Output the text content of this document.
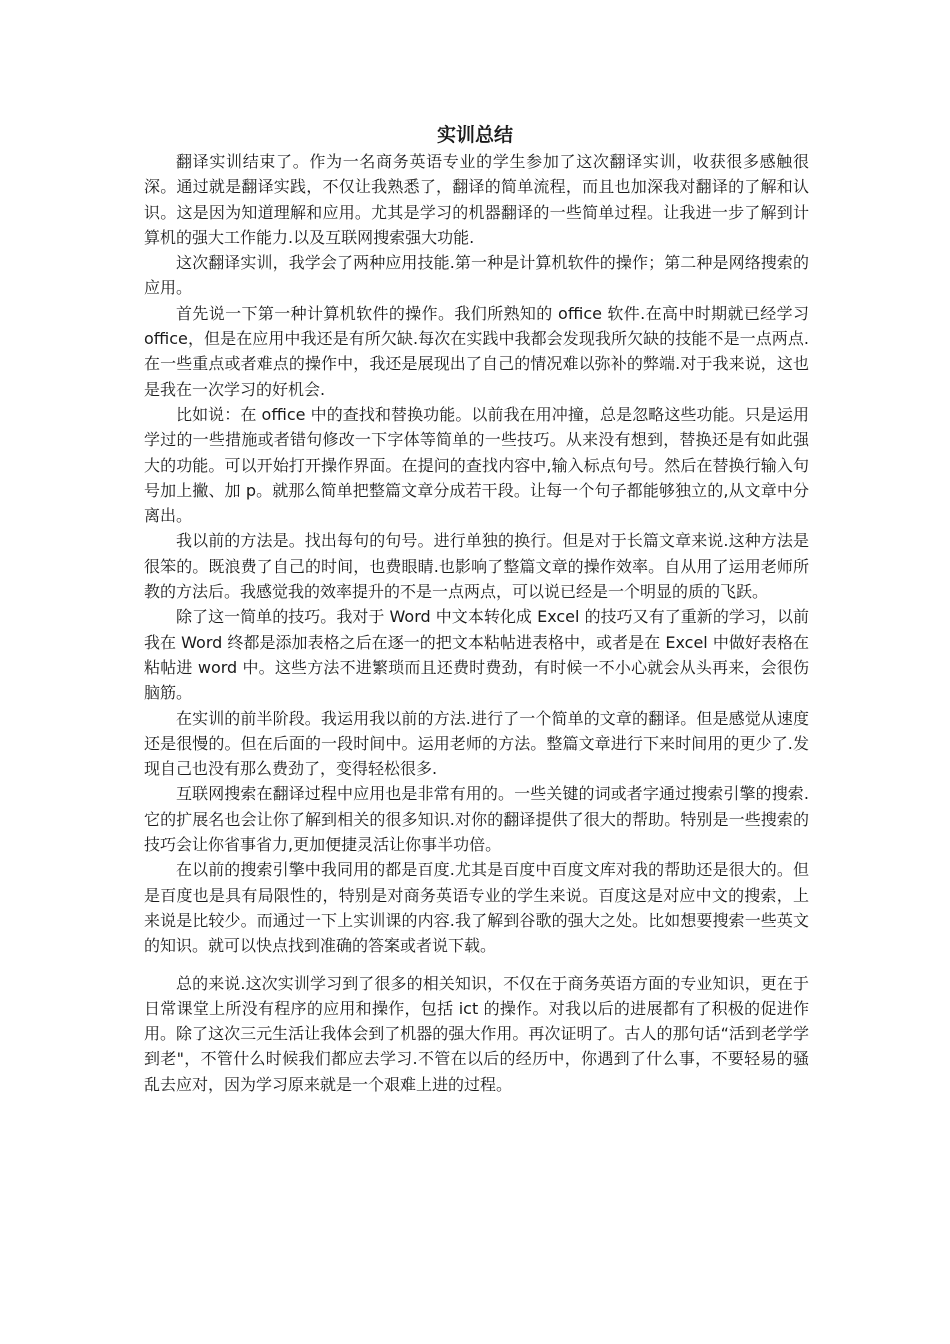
实训总结

翻译实训结束了。作为一名商务英语专业的学生参加了这次翻译实训，收获很多感触很深。通过就是翻译实践，不仅让我熟悉了，翻译的简单流程，而且也加深我对翻译的了解和认识。这是因为知道理解和应用。尤其是学习的机器翻译的一些简单过程。让我进一步了解到计算机的强大工作能力.以及互联网搜索强大功能.

这次翻译实训，我学会了两种应用技能.第一种是计算机软件的操作；第二种是网络搜索的应用。

首先说一下第一种计算机软件的操作。我们所熟知的 office 软件.在高中时期就已经学习 office，但是在应用中我还是有所欠缺.每次在实践中我都会发现我所欠缺的技能不是一点两点.在一些重点或者难点的操作中，我还是展现出了自己的情况难以弥补的弊端.对于我来说，这也是我在一次学习的好机会.

比如说：在 office 中的查找和替换功能。以前我在用冲撞，总是忽略这些功能。只是运用学过的一些措施或者错句修改一下字体等简单的一些技巧。从来没有想到，替换还是有如此强大的功能。可以开始打开操作界面。在提问的查找内容中,输入标点句号。然后在替换行输入句号加上撇、加 p。就那么简单把整篇文章分成若干段。让每一个句子都能够独立的,从文章中分离出。

我以前的方法是。找出每句的句号。进行单独的换行。但是对于长篇文章来说.这种方法是很笨的。既浪费了自己的时间，也费眼睛.也影响了整篇文章的操作效率。自从用了运用老师所教的方法后。我感觉我的效率提升的不是一点两点，可以说已经是一个明显的质的飞跃。

除了这一简单的技巧。我对于 Word 中文本转化成 Excel 的技巧又有了重新的学习，以前我在 Word 终都是添加表格之后在逐一的把文本粘帖进表格中，或者是在 Excel 中做好表格在粘帖进 word 中。这些方法不进繁琐而且还费时费劲，有时候一不小心就会从头再来，会很伤脑筋。

在实训的前半阶段。我运用我以前的方法.进行了一个简单的文章的翻译。但是感觉从速度还是很慢的。但在后面的一段时间中。运用老师的方法。整篇文章进行下来时间用的更少了.发现自己也没有那么费劲了，变得轻松很多.

互联网搜索在翻译过程中应用也是非常有用的。一些关键的词或者字通过搜索引擎的搜索.它的扩展名也会让你了解到相关的很多知识.对你的翻译提供了很大的帮助。特别是一些搜索的技巧会让你省事省力,更加便捷灵活让你事半功倍。

在以前的搜索引擎中我同用的都是百度.尤其是百度中百度文库对我的帮助还是很大的。但是百度也是具有局限性的，特别是对商务英语专业的学生来说。百度这是对应中文的搜索，上来说是比较少。而通过一下上实训课的内容.我了解到谷歌的强大之处。比如想要搜索一些英文的知识。就可以快点找到准确的答案或者说下载。

总的来说.这次实训学习到了很多的相关知识，不仅在于商务英语方面的专业知识，更在于日常课堂上所没有程序的应用和操作，包括 ict 的操作。对我以后的进展都有了积极的促进作用。除了这次三元生活让我体会到了机器的强大作用。再次证明了。古人的那句话“活到老学学到老"，不管什么时候我们都应去学习.不管在以后的经历中，你遇到了什么事，不要轻易的骚乱去应对，因为学习原来就是一个艰难上进的过程。
